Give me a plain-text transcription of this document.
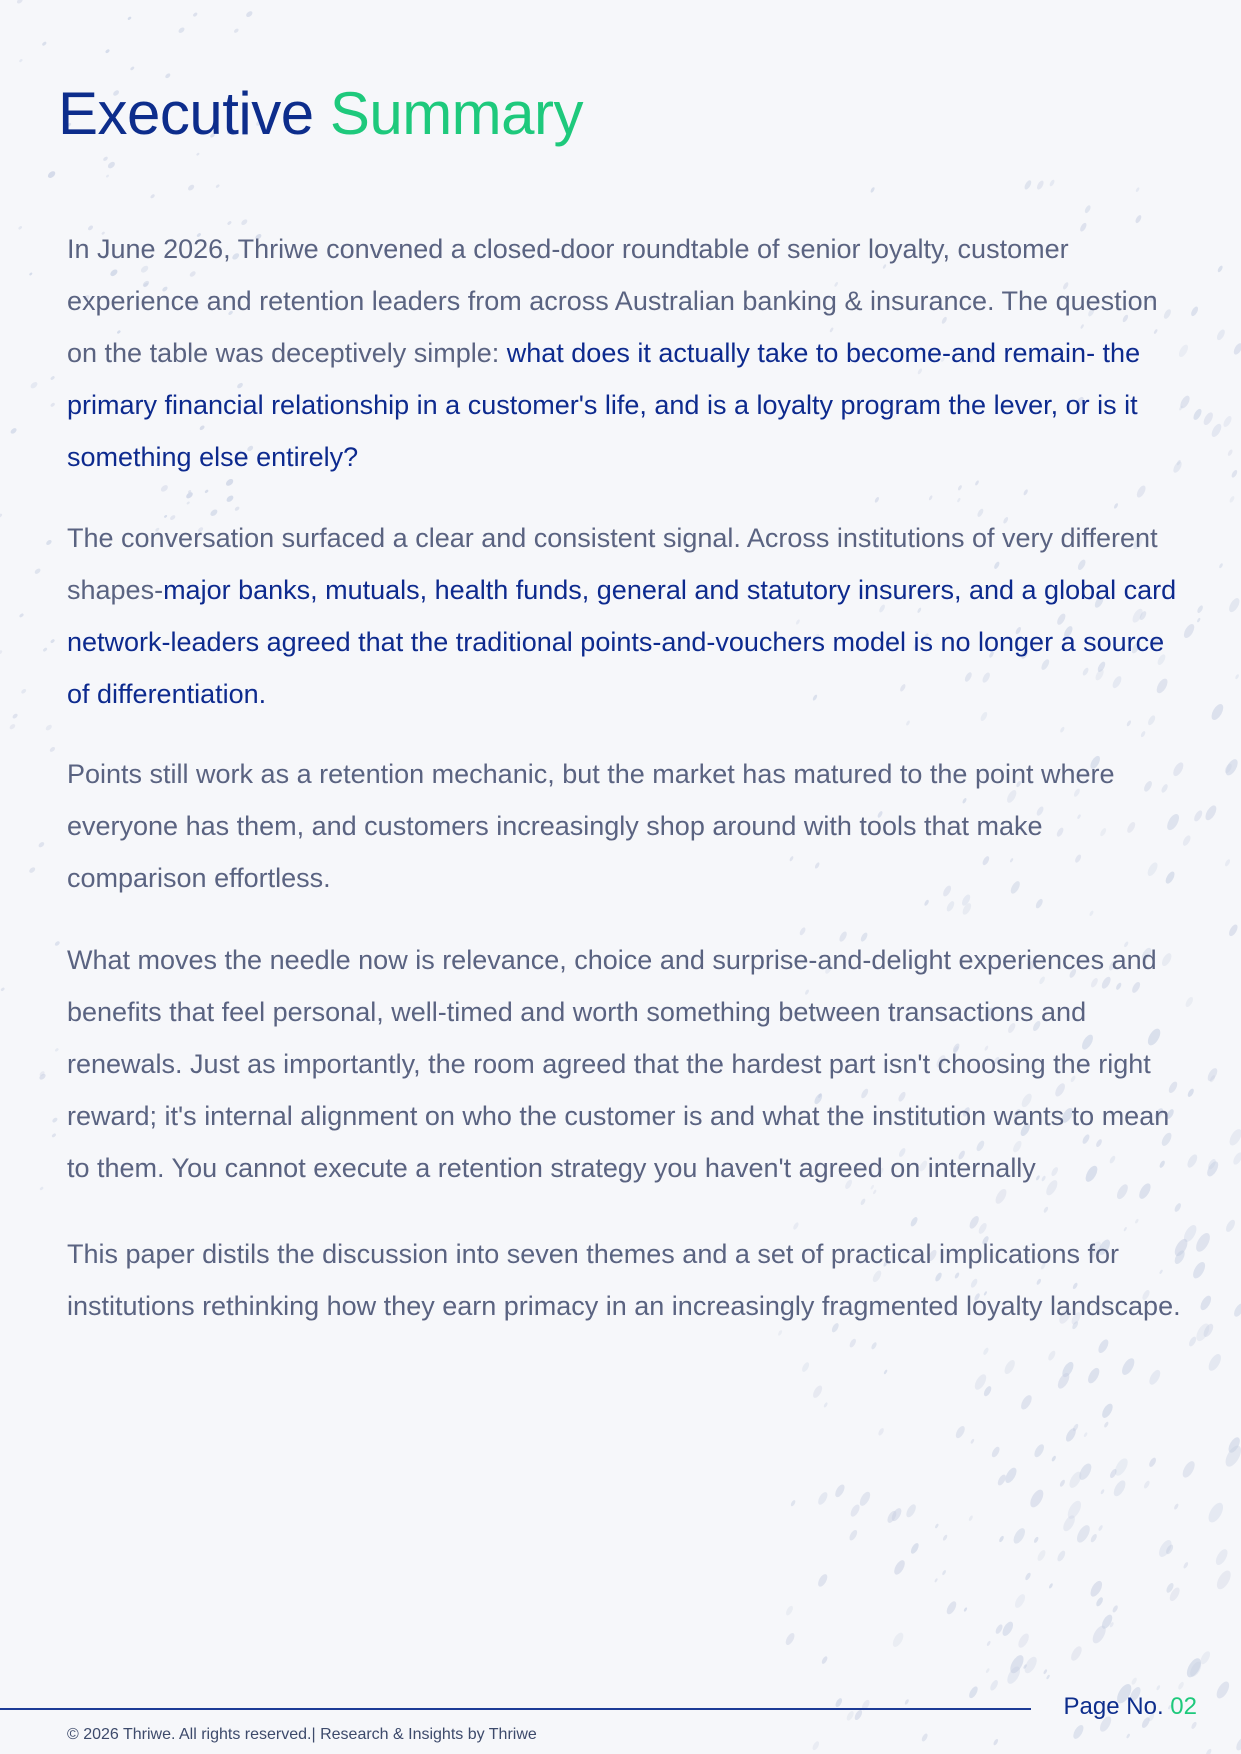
Executive Summary

In June 2026, Thriwe convened a closed-door roundtable of senior loyalty, customer experience and retention leaders from across Australian banking & insurance. The question on the table was deceptively simple: what does it actually take to become-and remain- the primary financial relationship in a customer's life, and is a loyalty program the lever, or is it something else entirely?

The conversation surfaced a clear and consistent signal. Across institutions of very different shapes-major banks, mutuals, health funds, general and statutory insurers, and a global card network-leaders agreed that the traditional points-and-vouchers model is no longer a source of differentiation.

Points still work as a retention mechanic, but the market has matured to the point where everyone has them, and customers increasingly shop around with tools that make comparison effortless.

What moves the needle now is relevance, choice and surprise-and-delight experiences and benefits that feel personal, well-timed and worth something between transactions and renewals. Just as importantly, the room agreed that the hardest part isn't choosing the right reward; it's internal alignment on who the customer is and what the institution wants to mean to them. You cannot execute a retention strategy you haven't agreed on internally

This paper distils the discussion into seven themes and a set of practical implications for institutions rethinking how they earn primacy in an increasingly fragmented loyalty landscape.

Page No. 02
© 2026 Thriwe. All rights reserved.| Research & Insights by Thriwe
